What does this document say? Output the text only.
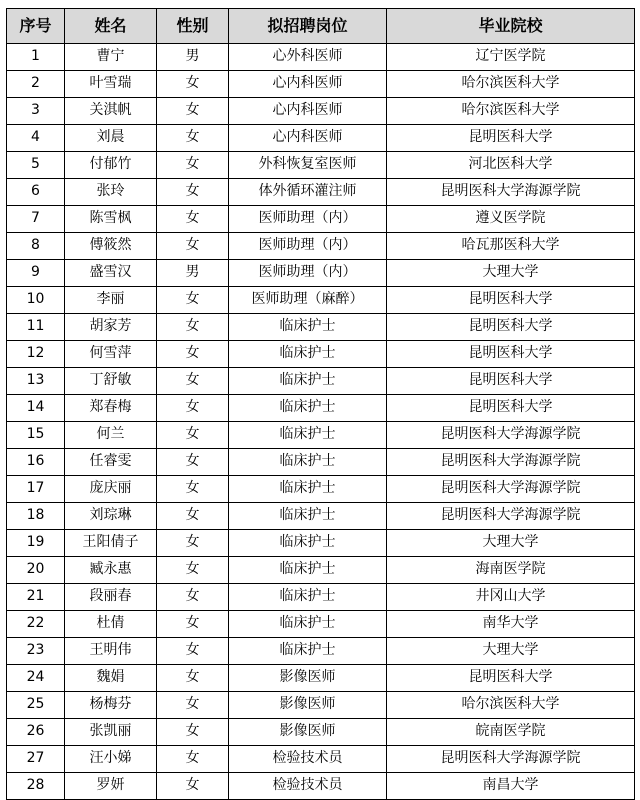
序号	姓名	性别	拟招聘岗位	毕业院校
1	曹宁	男	心外科医师	辽宁医学院
2	叶雪瑞	女	心内科医师	哈尔滨医科大学
3	关淇帆	女	心内科医师	哈尔滨医科大学
4	刘晨	女	心内科医师	昆明医科大学
5	付郁竹	女	外科恢复室医师	河北医科大学
6	张玲	女	体外循环灌注师	昆明医科大学海源学院
7	陈雪枫	女	医师助理（内）	遵义医学院
8	傅筱然	女	医师助理（内）	哈瓦那医科大学
9	盛雪汉	男	医师助理（内）	大理大学
10	李丽	女	医师助理（麻醉）	昆明医科大学
11	胡家芳	女	临床护士	昆明医科大学
12	何雪萍	女	临床护士	昆明医科大学
13	丁舒敏	女	临床护士	昆明医科大学
14	郑春梅	女	临床护士	昆明医科大学
15	何兰	女	临床护士	昆明医科大学海源学院
16	任睿雯	女	临床护士	昆明医科大学海源学院
17	庞庆丽	女	临床护士	昆明医科大学海源学院
18	刘琮琳	女	临床护士	昆明医科大学海源学院
19	王阳倩子	女	临床护士	大理大学
20	臧永惠	女	临床护士	海南医学院
21	段丽春	女	临床护士	井冈山大学
22	杜倩	女	临床护士	南华大学
23	王明伟	女	临床护士	大理大学
24	魏娟	女	影像医师	昆明医科大学
25	杨梅芬	女	影像医师	哈尔滨医科大学
26	张凯丽	女	影像医师	皖南医学院
27	汪小娣	女	检验技术员	昆明医科大学海源学院
28	罗妍	女	检验技术员	南昌大学
